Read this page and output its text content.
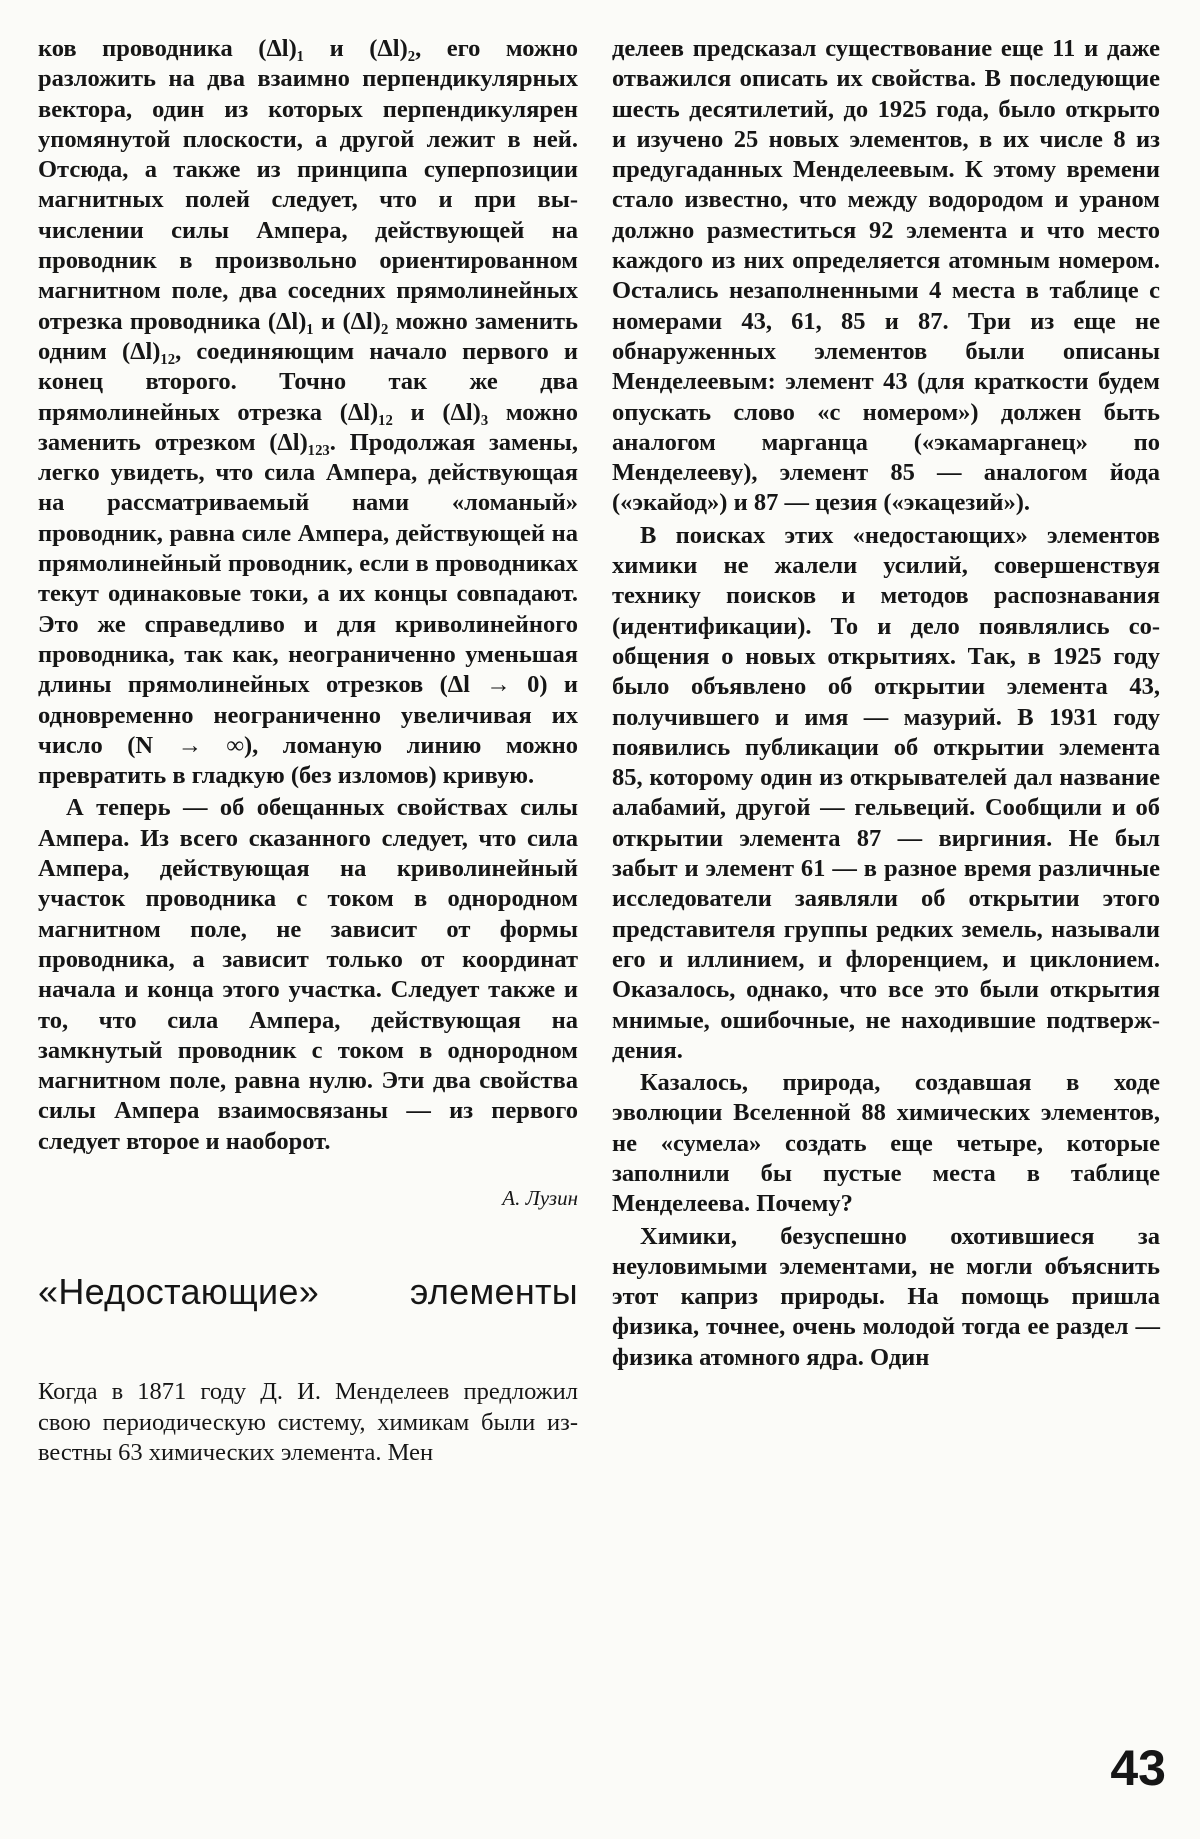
ков проводника (Δl)₁ и (Δl)₂, его можно разложить на два взаимно перпендикулярных вектора, один из которых перпендикулярен упомянутой плоскости, а другой лежит в ней. Отсюда, а также из принципа суперпозиции магнитных полей следует, что и при вычислении силы Ампера, действующей на проводник в произвольно ориентированном магнитном поле, два соседних прямолинейных отрезка проводника (Δl)₁ и (Δl)₂ можно заменить одним (Δl)₁₂, соединяющим начало первого и конец второго. Точно так же два прямолинейных отрезка (Δl)₁₂ и (Δl)₃ можно заменить отрезком (Δl)₁₂₃. Продолжая замены, легко увидеть, что сила Ампера, действующая на рассматриваемый нами «ломаный» проводник, равна силе Ампера, действующей на прямолинейный проводник, если в проводниках текут одинаковые токи, а их концы совпадают. Это же справедливо и для криволинейного проводника, так как, неограниченно уменьшая длины прямолинейных отрезков (Δl → 0) и одновременно неограниченно увеличивая их число (N → ∞), ломаную линию можно превратить в гладкую (без изломов) кривую.

А теперь — об обещанных свойствах силы Ампера. Из всего сказанного следует, что сила Ампера, действующая на криволинейный участок проводника с током в однородном магнитном поле, не зависит от формы проводника, а зависит только от координат начала и конца этого участка. Следует также и то, что сила Ампера, действующая на замкнутый проводник с током в однородном магнитном поле, равна нулю. Эти два свойства силы Ампера взаимосвязаны — из первого следует второе и наоборот.

А. Лузин
«Недостающие» элементы

Когда в 1871 году Д. И. Менделеев предложил свою периодическую систему, химикам были известны 63 химических элемента. Мен

делеев предсказал существование еще 11 и даже отважился описать их свойства. В последующие шесть десятилетий, до 1925 года, было открыто и изучено 25 новых элементов, в их числе 8 из предугаданных Менделеевым. К этому времени стало известно, что между водородом и ураном должно разместиться 92 элемента и что место каждого из них определяется атомным номером. Остались незаполненными 4 места в таблице с номерами 43, 61, 85 и 87. Три из еще не обнаруженных элементов были описаны Менделеевым: элемент 43 (для краткости будем опускать слово «с номером») должен быть аналогом марганца («экамарганец» по Менделееву), элемент 85 — аналогом йода («экайод») и 87 — цезия («экацезий»).

В поисках этих «недостающих» элементов химики не жалели усилий, совершенствуя технику поисков и методов распознавания (идентификации). То и дело появлялись сообщения о новых открытиях. Так, в 1925 году было объявлено об открытии элемента 43, получившего и имя — мазурий. В 1931 году появились публикации об открытии элемента 85, которому один из открывателей дал название алабамий, другой — гельвеций. Сообщили и об открытии элемента 87 — виргиния. Не был забыт и элемент 61 — в разное время различные исследователи заявляли об открытии этого представителя группы редких земель, называли его и иллинием, и флоренцием, и циклонием. Оказалось, однако, что все это были открытия мнимые, ошибочные, не находившие подтверждения.

Казалось, природа, создавшая в ходе эволюции Вселенной 88 химических элементов, не «сумела» создать еще четыре, которые заполнили бы пустые места в таблице Менделеева. Почему?

Химики, безуспешно охотившиеся за неуловимыми элементами, не могли объяснить этот каприз природы. На помощь пришла физика, точнее, очень молодой тогда ее раздел — физика атомного ядра. Один

43
